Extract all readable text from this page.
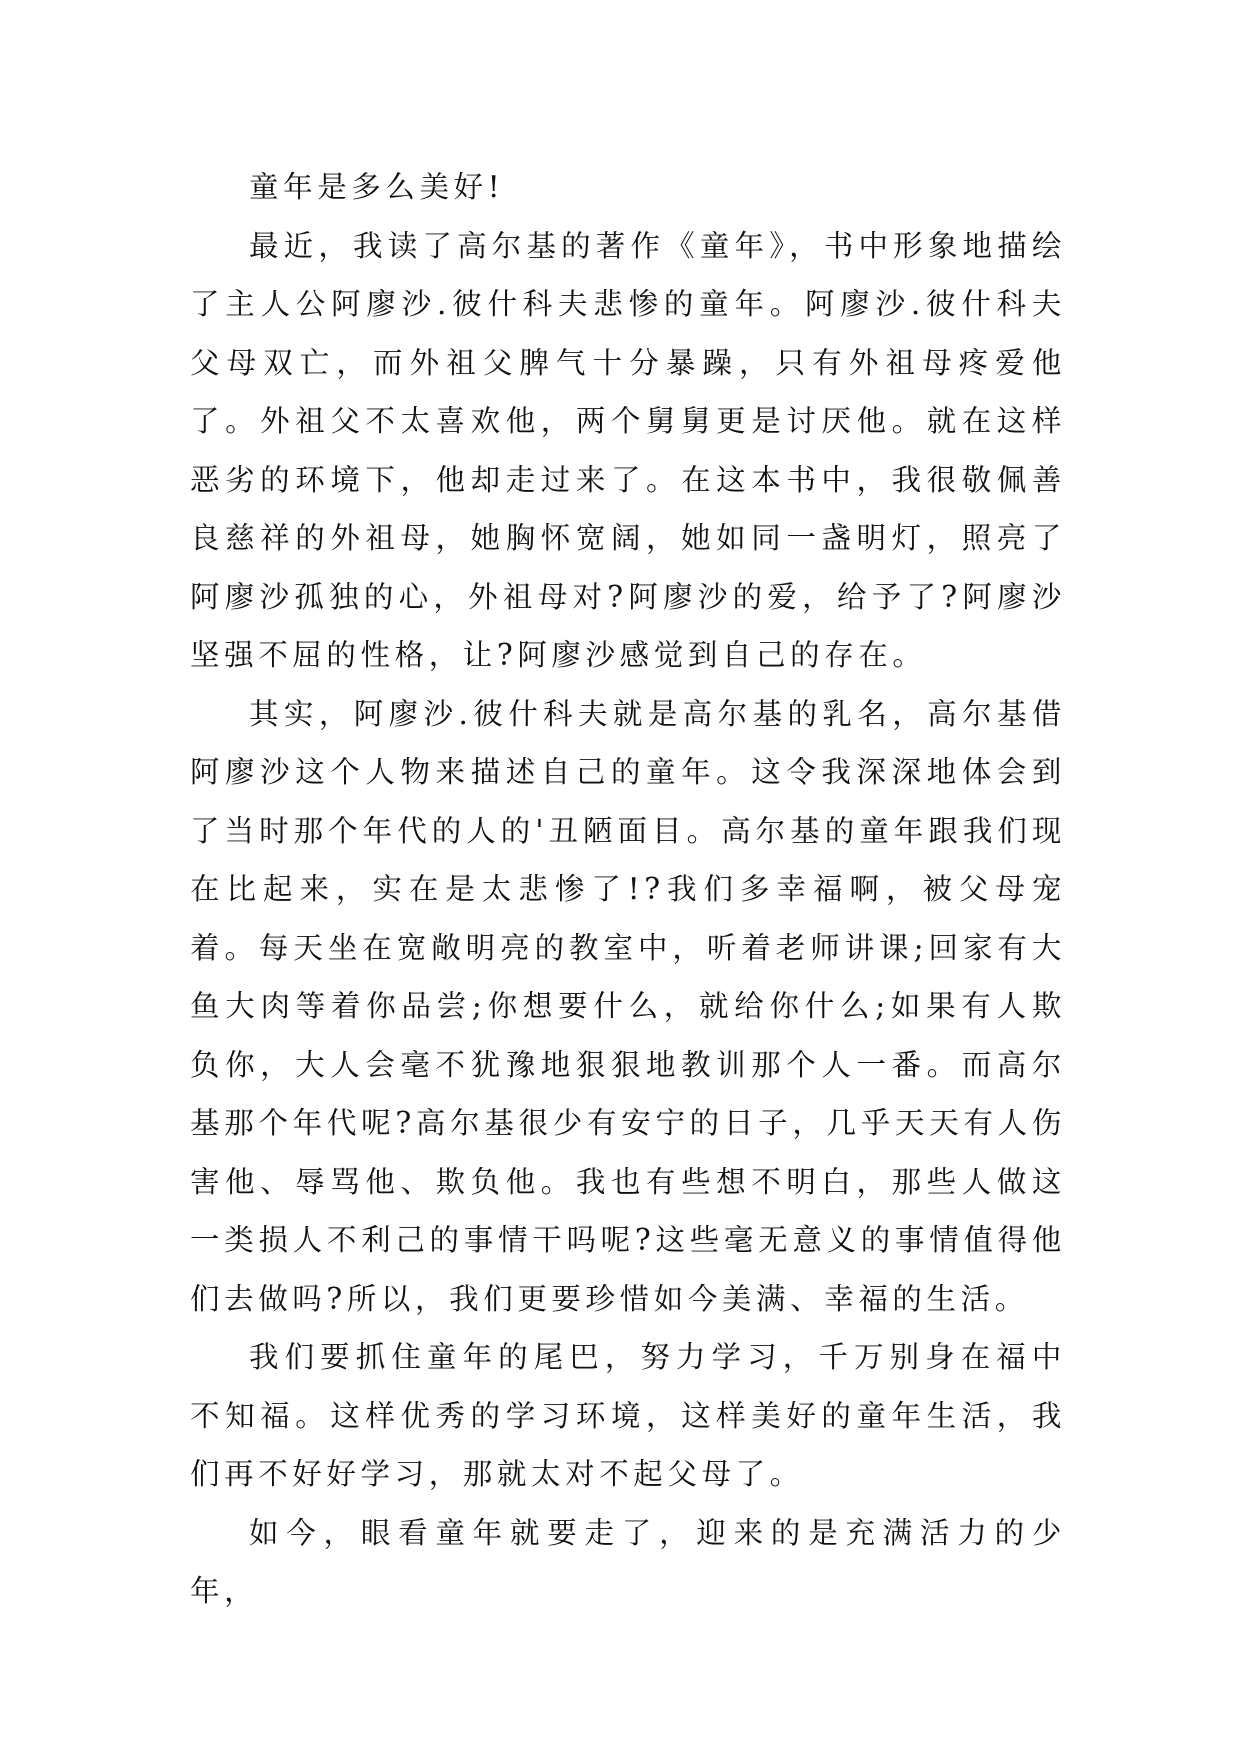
童年是多么美好!

最近，我读了高尔基的著作《童年》，书中形象地描绘了主人公阿廖沙.彼什科夫悲惨的童年。阿廖沙.彼什科夫父母双亡，而外祖父脾气十分暴躁，只有外祖母疼爱他了。外祖父不太喜欢他，两个舅舅更是讨厌他。就在这样恶劣的环境下，他却走过来了。在这本书中，我很敬佩善良慈祥的外祖母，她胸怀宽阔，她如同一盏明灯，照亮了阿廖沙孤独的心，外祖母对?阿廖沙的爱，给予了?阿廖沙坚强不屈的性格，让?阿廖沙感觉到自己的存在。

其实，阿廖沙.彼什科夫就是高尔基的乳名，高尔基借阿廖沙这个人物来描述自己的童年。这令我深深地体会到了当时那个年代的人的'丑陋面目。高尔基的童年跟我们现在比起来，实在是太悲惨了!?我们多幸福啊，被父母宠着。每天坐在宽敞明亮的教室中，听着老师讲课;回家有大鱼大肉等着你品尝;你想要什么，就给你什么;如果有人欺负你，大人会毫不犹豫地狠狠地教训那个人一番。而高尔基那个年代呢?高尔基很少有安宁的日子，几乎天天有人伤害他、辱骂他、欺负他。我也有些想不明白，那些人做这一类损人不利己的事情干吗呢?这些毫无意义的事情值得他们去做吗?所以，我们更要珍惜如今美满、幸福的生活。

我们要抓住童年的尾巴，努力学习，千万别身在福中不知福。这样优秀的学习环境，这样美好的童年生活，我们再不好好学习，那就太对不起父母了。

如今，眼看童年就要走了，迎来的是充满活力的少年，
